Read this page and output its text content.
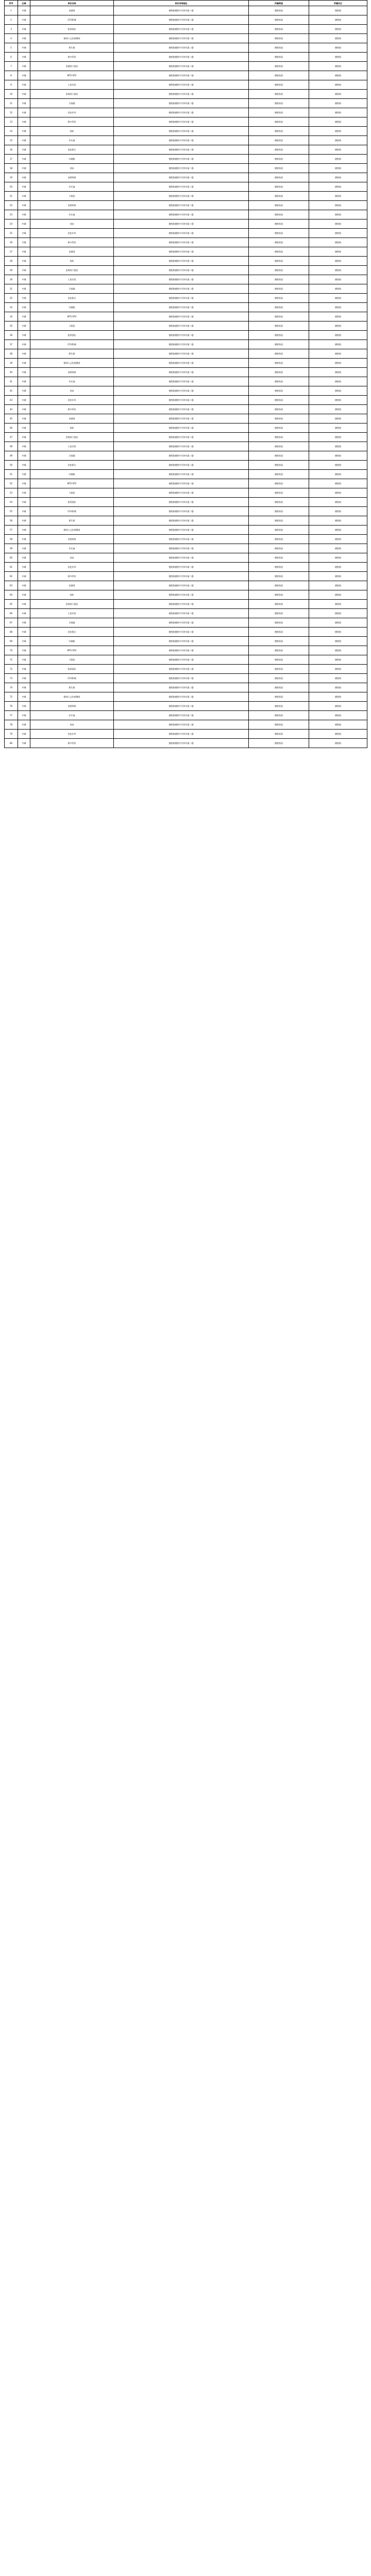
序号	区域	单位名称	单位详细地址	所属街道	所属社区
1	中城	金港湾	德胜路德胜中学斜对面二楼	德胜街道	德胜路
2	中城	CCV影城	德胜路德胜中学斜对面二楼	德胜街道	德胜路
3	中城	凯莱酒店	德胜路德胜中学斜对面二楼	德胜街道	德胜路
4	中城	精神人文化歌舞团	德胜路德胜中学斜对面二楼	德胜街道	德胜路
5	中城	碧生源	德胜路德胜中学斜对面二楼	德胜街道	德胜路
6	中城	维多利亚	德胜路德胜中学斜对面二楼	德胜街道	德胜路
7	中城	金港湾大酒店	德胜路德胜中学斜对面二楼	德胜街道	德胜路
8	中城	MTV KTV	德胜路德胜中学斜对面二楼	德胜街道	德胜路
9	中城	七星宾馆	德胜路德胜中学斜对面二楼	德胜街道	德胜路
10	中城	金海湾大酒店	德胜路德胜中学斜对面二楼	德胜街道	德胜路
11	中城	百福楼	德胜路德胜中学斜对面二楼	德胜街道	德胜路
12	中城	金色年华	德胜路德胜中学斜对面二楼	德胜街道	德胜路
13	中城	维多利亚	德胜路德胜中学斜对面二楼	德胜街道	德胜路
14	中城	钱柜	德胜路德胜中学斜对面二楼	德胜街道	德胜路
15	中城	好乐迪	德胜路德胜中学斜对面二楼	德胜街道	德胜路
16	中城	金色假日	德胜路德胜中学斜对面二楼	德胜街道	德胜路
17	中城	红蜻蜓	德胜路德胜中学斜对面二楼	德胜街道	德胜路
18	中城	金钻	德胜路德胜中学斜对面二楼	德胜街道	德胜路
19	中城	金碧辉煌	德胜路德胜中学斜对面二楼	德胜街道	德胜路
20	中城	好乐迪	德胜路德胜中学斜对面二楼	德胜街道	德胜路
21	中城	大歌星	德胜路德胜中学斜对面二楼	德胜街道	德胜路
22	中城	金碧辉煌	德胜路德胜中学斜对面二楼	德胜街道	德胜路
23	中城	好乐迪	德胜路德胜中学斜对面二楼	德胜街道	德胜路
24	中城	金钻	德胜路德胜中学斜对面二楼	德胜街道	德胜路
25	中城	金色年华	德胜路德胜中学斜对面二楼	德胜街道	德胜路
26	中城	维多利亚	德胜路德胜中学斜对面二楼	德胜街道	德胜路
27	中城	金港湾	德胜路德胜中学斜对面二楼	德胜街道	德胜路
28	中城	钱柜	德胜路德胜中学斜对面二楼	德胜街道	德胜路
29	中城	金海湾大酒店	德胜路德胜中学斜对面二楼	德胜街道	德胜路
30	中城	七星宾馆	德胜路德胜中学斜对面二楼	德胜街道	德胜路
31	中城	百福楼	德胜路德胜中学斜对面二楼	德胜街道	德胜路
32	中城	金色假日	德胜路德胜中学斜对面二楼	德胜街道	德胜路
33	中城	红蜻蜓	德胜路德胜中学斜对面二楼	德胜街道	德胜路
34	中城	MTV KTV	德胜路德胜中学斜对面二楼	德胜街道	德胜路
35	中城	大歌星	德胜路德胜中学斜对面二楼	德胜街道	德胜路
36	中城	凯莱酒店	德胜路德胜中学斜对面二楼	德胜街道	德胜路
37	中城	CCV影城	德胜路德胜中学斜对面二楼	德胜街道	德胜路
38	中城	碧生源	德胜路德胜中学斜对面二楼	德胜街道	德胜路
39	中城	精神人文化歌舞团	德胜路德胜中学斜对面二楼	德胜街道	德胜路
40	中城	金碧辉煌	德胜路德胜中学斜对面二楼	德胜街道	德胜路
41	中城	好乐迪	德胜路德胜中学斜对面二楼	德胜街道	德胜路
42	中城	金钻	德胜路德胜中学斜对面二楼	德胜街道	德胜路
43	中城	金色年华	德胜路德胜中学斜对面二楼	德胜街道	德胜路
44	中城	维多利亚	德胜路德胜中学斜对面二楼	德胜街道	德胜路
45	中城	金港湾	德胜路德胜中学斜对面二楼	德胜街道	德胜路
46	中城	钱柜	德胜路德胜中学斜对面二楼	德胜街道	德胜路
47	中城	金海湾大酒店	德胜路德胜中学斜对面二楼	德胜街道	德胜路
48	中城	七星宾馆	德胜路德胜中学斜对面二楼	德胜街道	德胜路
49	中城	百福楼	德胜路德胜中学斜对面二楼	德胜街道	德胜路
50	中城	金色假日	德胜路德胜中学斜对面二楼	德胜街道	德胜路
51	中城	红蜻蜓	德胜路德胜中学斜对面二楼	德胜街道	德胜路
52	中城	MTV KTV	德胜路德胜中学斜对面二楼	德胜街道	德胜路
53	中城	大歌星	德胜路德胜中学斜对面二楼	德胜街道	德胜路
54	中城	凯莱酒店	德胜路德胜中学斜对面二楼	德胜街道	德胜路
55	中城	CCV影城	德胜路德胜中学斜对面二楼	德胜街道	德胜路
56	中城	碧生源	德胜路德胜中学斜对面二楼	德胜街道	德胜路
57	中城	精神人文化歌舞团	德胜路德胜中学斜对面二楼	德胜街道	德胜路
58	中城	金碧辉煌	德胜路德胜中学斜对面二楼	德胜街道	德胜路
59	中城	好乐迪	德胜路德胜中学斜对面二楼	德胜街道	德胜路
60	中城	金钻	德胜路德胜中学斜对面二楼	德胜街道	德胜路
61	中城	金色年华	德胜路德胜中学斜对面二楼	德胜街道	德胜路
62	中城	维多利亚	德胜路德胜中学斜对面二楼	德胜街道	德胜路
63	中城	金港湾	德胜路德胜中学斜对面二楼	德胜街道	德胜路
64	中城	钱柜	德胜路德胜中学斜对面二楼	德胜街道	德胜路
65	中城	金海湾大酒店	德胜路德胜中学斜对面二楼	德胜街道	德胜路
66	中城	七星宾馆	德胜路德胜中学斜对面二楼	德胜街道	德胜路
67	中城	百福楼	德胜路德胜中学斜对面二楼	德胜街道	德胜路
68	中城	金色假日	德胜路德胜中学斜对面二楼	德胜街道	德胜路
69	中城	红蜻蜓	德胜路德胜中学斜对面二楼	德胜街道	德胜路
70	中城	MTV KTV	德胜路德胜中学斜对面二楼	德胜街道	德胜路
71	中城	大歌星	德胜路德胜中学斜对面二楼	德胜街道	德胜路
72	中城	凯莱酒店	德胜路德胜中学斜对面二楼	德胜街道	德胜路
73	中城	CCV影城	德胜路德胜中学斜对面二楼	德胜街道	德胜路
74	中城	碧生源	德胜路德胜中学斜对面二楼	德胜街道	德胜路
75	中城	精神人文化歌舞团	德胜路德胜中学斜对面二楼	德胜街道	德胜路
76	中城	金碧辉煌	德胜路德胜中学斜对面二楼	德胜街道	德胜路
77	中城	好乐迪	德胜路德胜中学斜对面二楼	德胜街道	德胜路
78	中城	金钻	德胜路德胜中学斜对面二楼	德胜街道	德胜路
79	中城	金色年华	德胜路德胜中学斜对面二楼	德胜街道	德胜路
80	中城	维多利亚	德胜路德胜中学斜对面二楼	德胜街道	德胜路
